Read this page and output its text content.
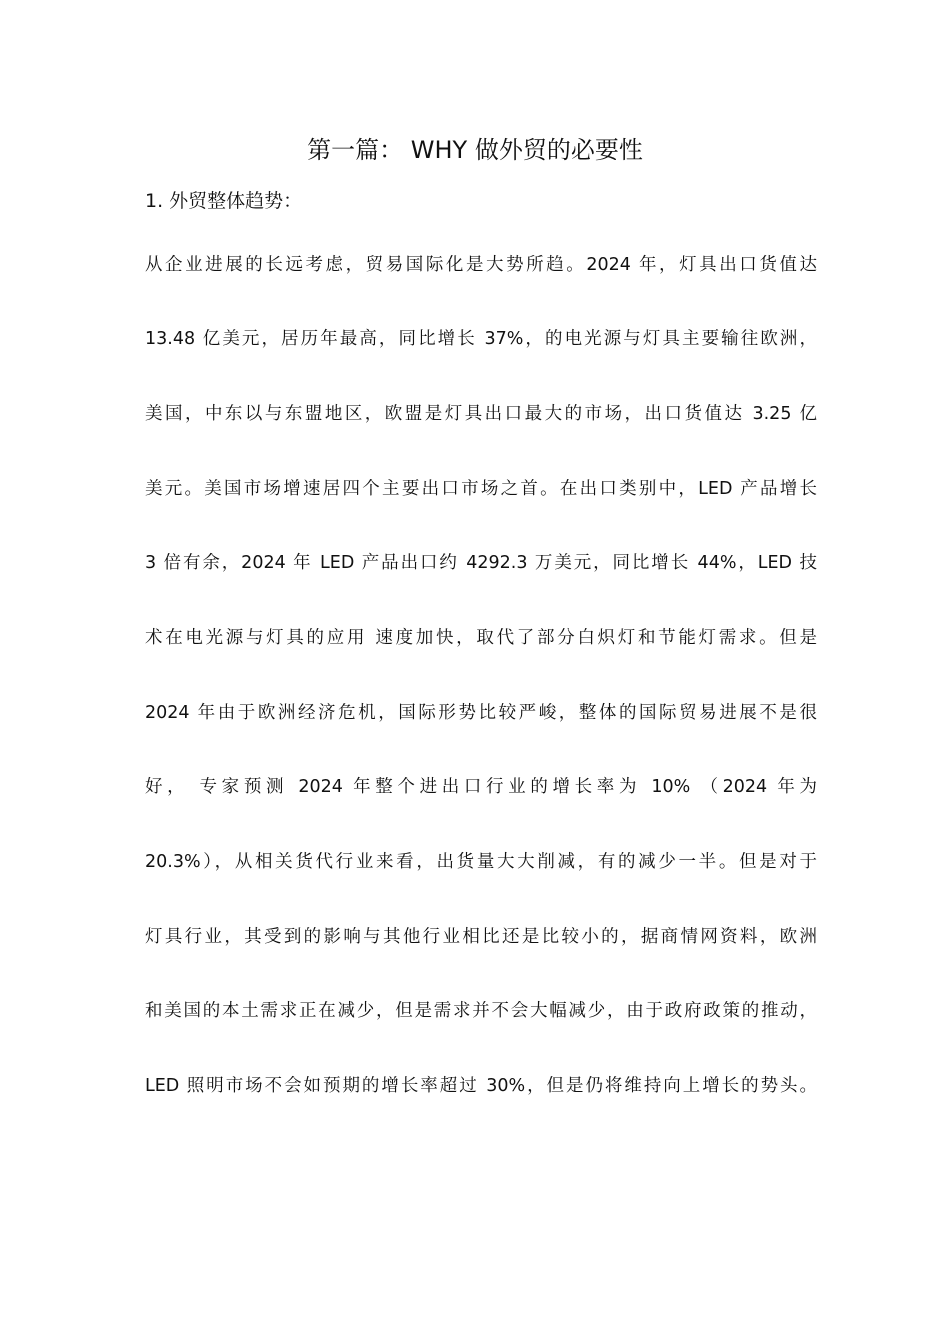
第一篇： WHY 做外贸的必要性
1. 外贸整体趋势：
从企业进展的长远考虑，贸易国际化是大势所趋。2024 年，灯具出口货值达
13.48 亿美元，居历年最高，同比增长 37%，的电光源与灯具主要输往欧洲，
美国，中东以与东盟地区，欧盟是灯具出口最大的市场，出口货值达 3.25 亿
美元。美国市场增速居四个主要出口市场之首。在出口类别中，LED 产品增长
3 倍有余，2024 年 LED 产品出口约 4292.3 万美元，同比增长 44%，LED 技
术在电光源与灯具的应用 速度加快，取代了部分白炽灯和节能灯需求。但是
2024 年由于欧洲经济危机，国际形势比较严峻，整体的国际贸易进展不是很
好， 专家预测 2024 年整个进出口行业的增长率为 10% （2024 年为
20.3%），从相关货代行业来看，出货量大大削减，有的减少一半。但是对于
灯具行业，其受到的影响与其他行业相比还是比较小的，据商情网资料，欧洲
和美国的本土需求正在减少，但是需求并不会大幅减少，由于政府政策的推动，
LED 照明市场不会如预期的增长率超过 30%，但是仍将维持向上增长的势头。
